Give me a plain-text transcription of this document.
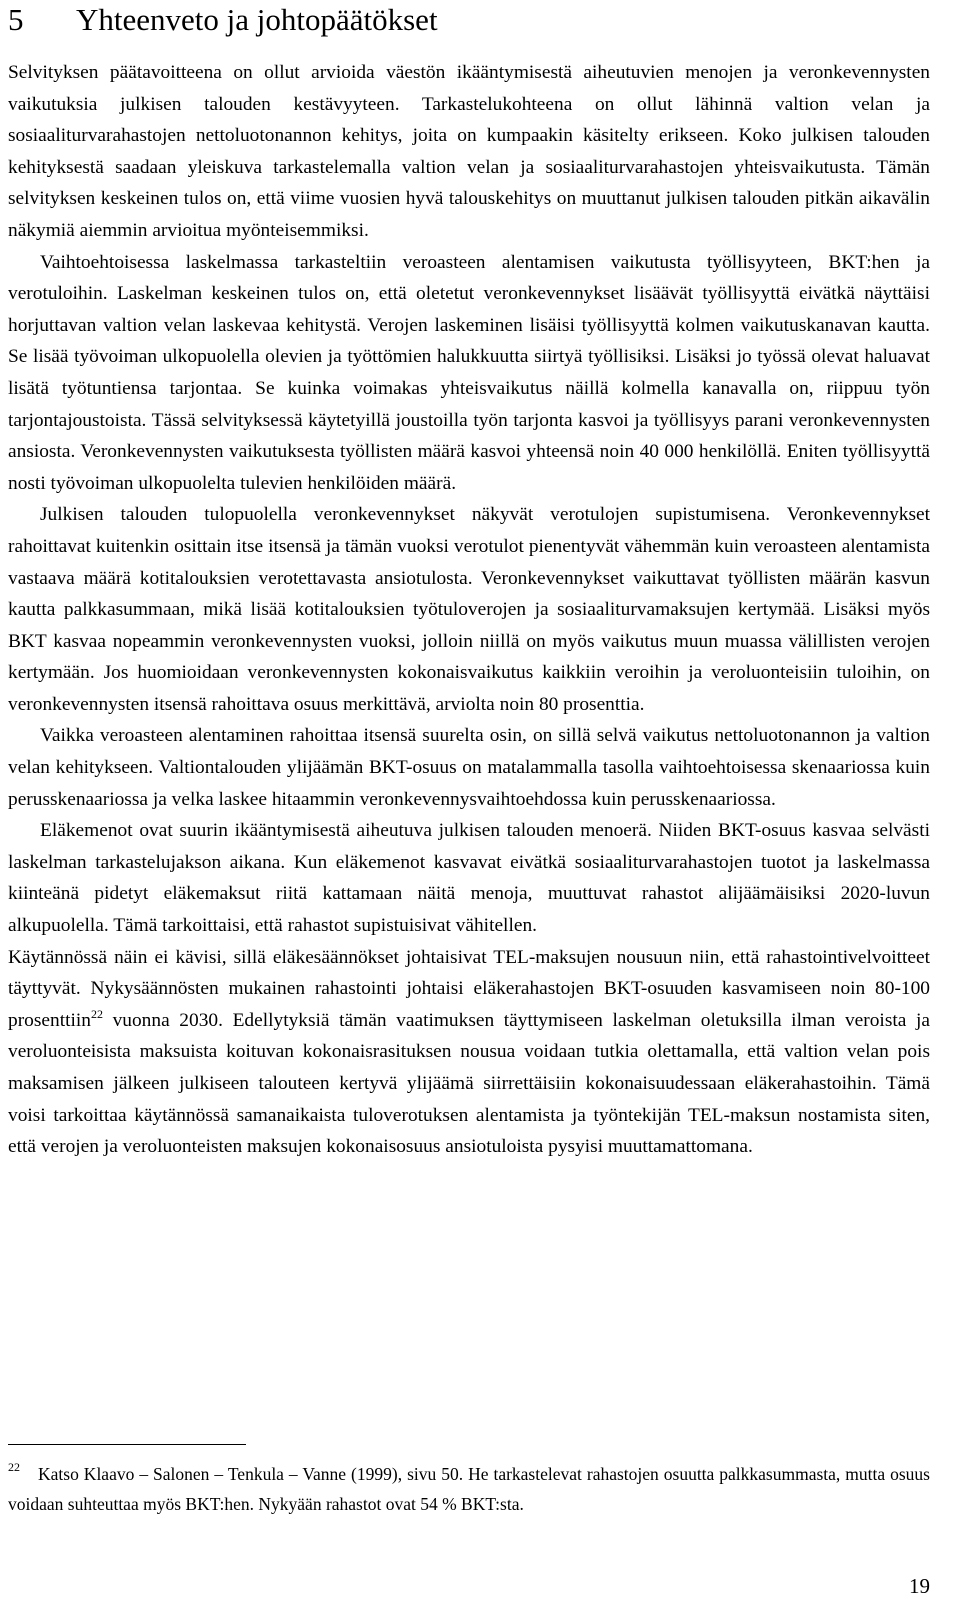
5 Yhteenveto ja johtopäätökset

Selvityksen päätavoitteena on ollut arvioida väestön ikääntymisestä aiheutuvien menojen ja veronkevennysten vaikutuksia julkisen talouden kestävyyteen. Tarkastelukohteena on ollut lähinnä valtion velan ja sosiaaliturvarahastojen nettoluotonannon kehitys, joita on kumpaakin käsitelty erikseen. Koko julkisen talouden kehityksestä saadaan yleiskuva tarkastelemalla valtion velan ja sosiaaliturvarahastojen yhteisvaikutusta. Tämän selvityksen keskeinen tulos on, että viime vuosien hyvä talouskehitys on muuttanut julkisen talouden pitkän aikavälin näkymiä aiemmin arvioitua myönteisemmiksi.

Vaihtoehtoisessa laskelmassa tarkasteltiin veroasteen alentamisen vaikutusta työllisyyteen, BKT:hen ja verotuloihin. Laskelman keskeinen tulos on, että oletetut veronkevennykset lisäävät työllisyyttä eivätkä näyttäisi horjuttavan valtion velan laskevaa kehitystä. Verojen laskeminen lisäisi työllisyyttä kolmen vaikutuskanavan kautta. Se lisää työvoiman ulkopuolella olevien ja työttömien halukkuutta siirtyä työllisiksi. Lisäksi jo työssä olevat haluavat lisätä työtuntiensa tarjontaa. Se kuinka voimakas yhteisvaikutus näillä kolmella kanavalla on, riippuu työn tarjontajoustoista. Tässä selvityksessä käytetyillä joustoilla työn tarjonta kasvoi ja työllisyys parani veronkevennysten ansiosta. Veronkevennysten vaikutuksesta työllisten määrä kasvoi yhteensä noin 40 000 henkilöllä. Eniten työllisyyttä nosti työvoiman ulkopuolelta tulevien henkilöiden määrä.

Julkisen talouden tulopuolella veronkevennykset näkyvät verotulojen supistumisena. Veronkevennykset rahoittavat kuitenkin osittain itse itsensä ja tämän vuoksi verotulot pienentyvät vähemmän kuin veroasteen alentamista vastaava määrä kotitalouksien verotettavasta ansiotulosta. Veronkevennykset vaikuttavat työllisten määrän kasvun kautta palkkasummaan, mikä lisää kotitalouksien työtuloverojen ja sosiaaliturvamaksujen kertymää. Lisäksi myös BKT kasvaa nopeammin veronkevennysten vuoksi, jolloin niillä on myös vaikutus muun muassa välillisten verojen kertymään. Jos huomioidaan veronkevennysten kokonaisvaikutus kaikkiin veroihin ja veroluonteisiin tuloihin, on veronkevennysten itsensä rahoittava osuus merkittävä, arviolta noin 80 prosenttia.

Vaikka veroasteen alentaminen rahoittaa itsensä suurelta osin, on sillä selvä vaikutus nettoluotonannon ja valtion velan kehitykseen. Valtiontalouden ylijäämän BKT-osuus on matalammalla tasolla vaihtoehtoisessa skenaariossa kuin perusskenaariossa ja velka laskee hitaammin veronkevennysvaihtoehdossa kuin perusskenaariossa.

Eläkemenot ovat suurin ikääntymisestä aiheutuva julkisen talouden menoerä. Niiden BKT-osuus kasvaa selvästi laskelman tarkastelujakson aikana. Kun eläkemenot kasvavat eivätkä sosiaaliturvarahastojen tuotot ja laskelmassa kiinteänä pidetyt eläkemaksut riitä kattamaan näitä menoja, muuttuvat rahastot alijäämäisiksi 2020-luvun alkupuolella. Tämä tarkoittaisi, että rahastot supistuisivat vähitellen.

Käytännössä näin ei kävisi, sillä eläkesäännökset johtaisivat TEL-maksujen nousuun niin, että rahastointivelvoitteet täyttyvät. Nykysäännösten mukainen rahastointi johtaisi eläkerahastojen BKT-osuuden kasvamiseen noin 80-100 prosenttiin$^{22}$ vuonna 2030. Edellytyksiä tämän vaatimuksen täyttymiseen laskelman oletuksilla ilman veroista ja veroluonteisista maksuista koituvan kokonaisrasituksen nousua voidaan tutkia olettamalla, että valtion velan pois maksamisen jälkeen julkiseen talouteen kertyvä ylijäämä siirrettäisiin kokonaisuudessaan eläkerahastoihin. Tämä voisi tarkoittaa käytännössä samanaikaista tuloverotuksen alentamista ja työntekijän TEL-maksun nostamista siten, että verojen ja veroluonteisten maksujen kokonaisosuus ansiotuloista pysyisi muuttamattomana.

$^{22}$ Katso Klaavo – Salonen – Tenkula – Vanne (1999), sivu 50. He tarkastelevat rahastojen osuutta palkkasummasta, mutta osuus voidaan suhteuttaa myös BKT:hen. Nykyään rahastot ovat 54 % BKT:sta.
19
